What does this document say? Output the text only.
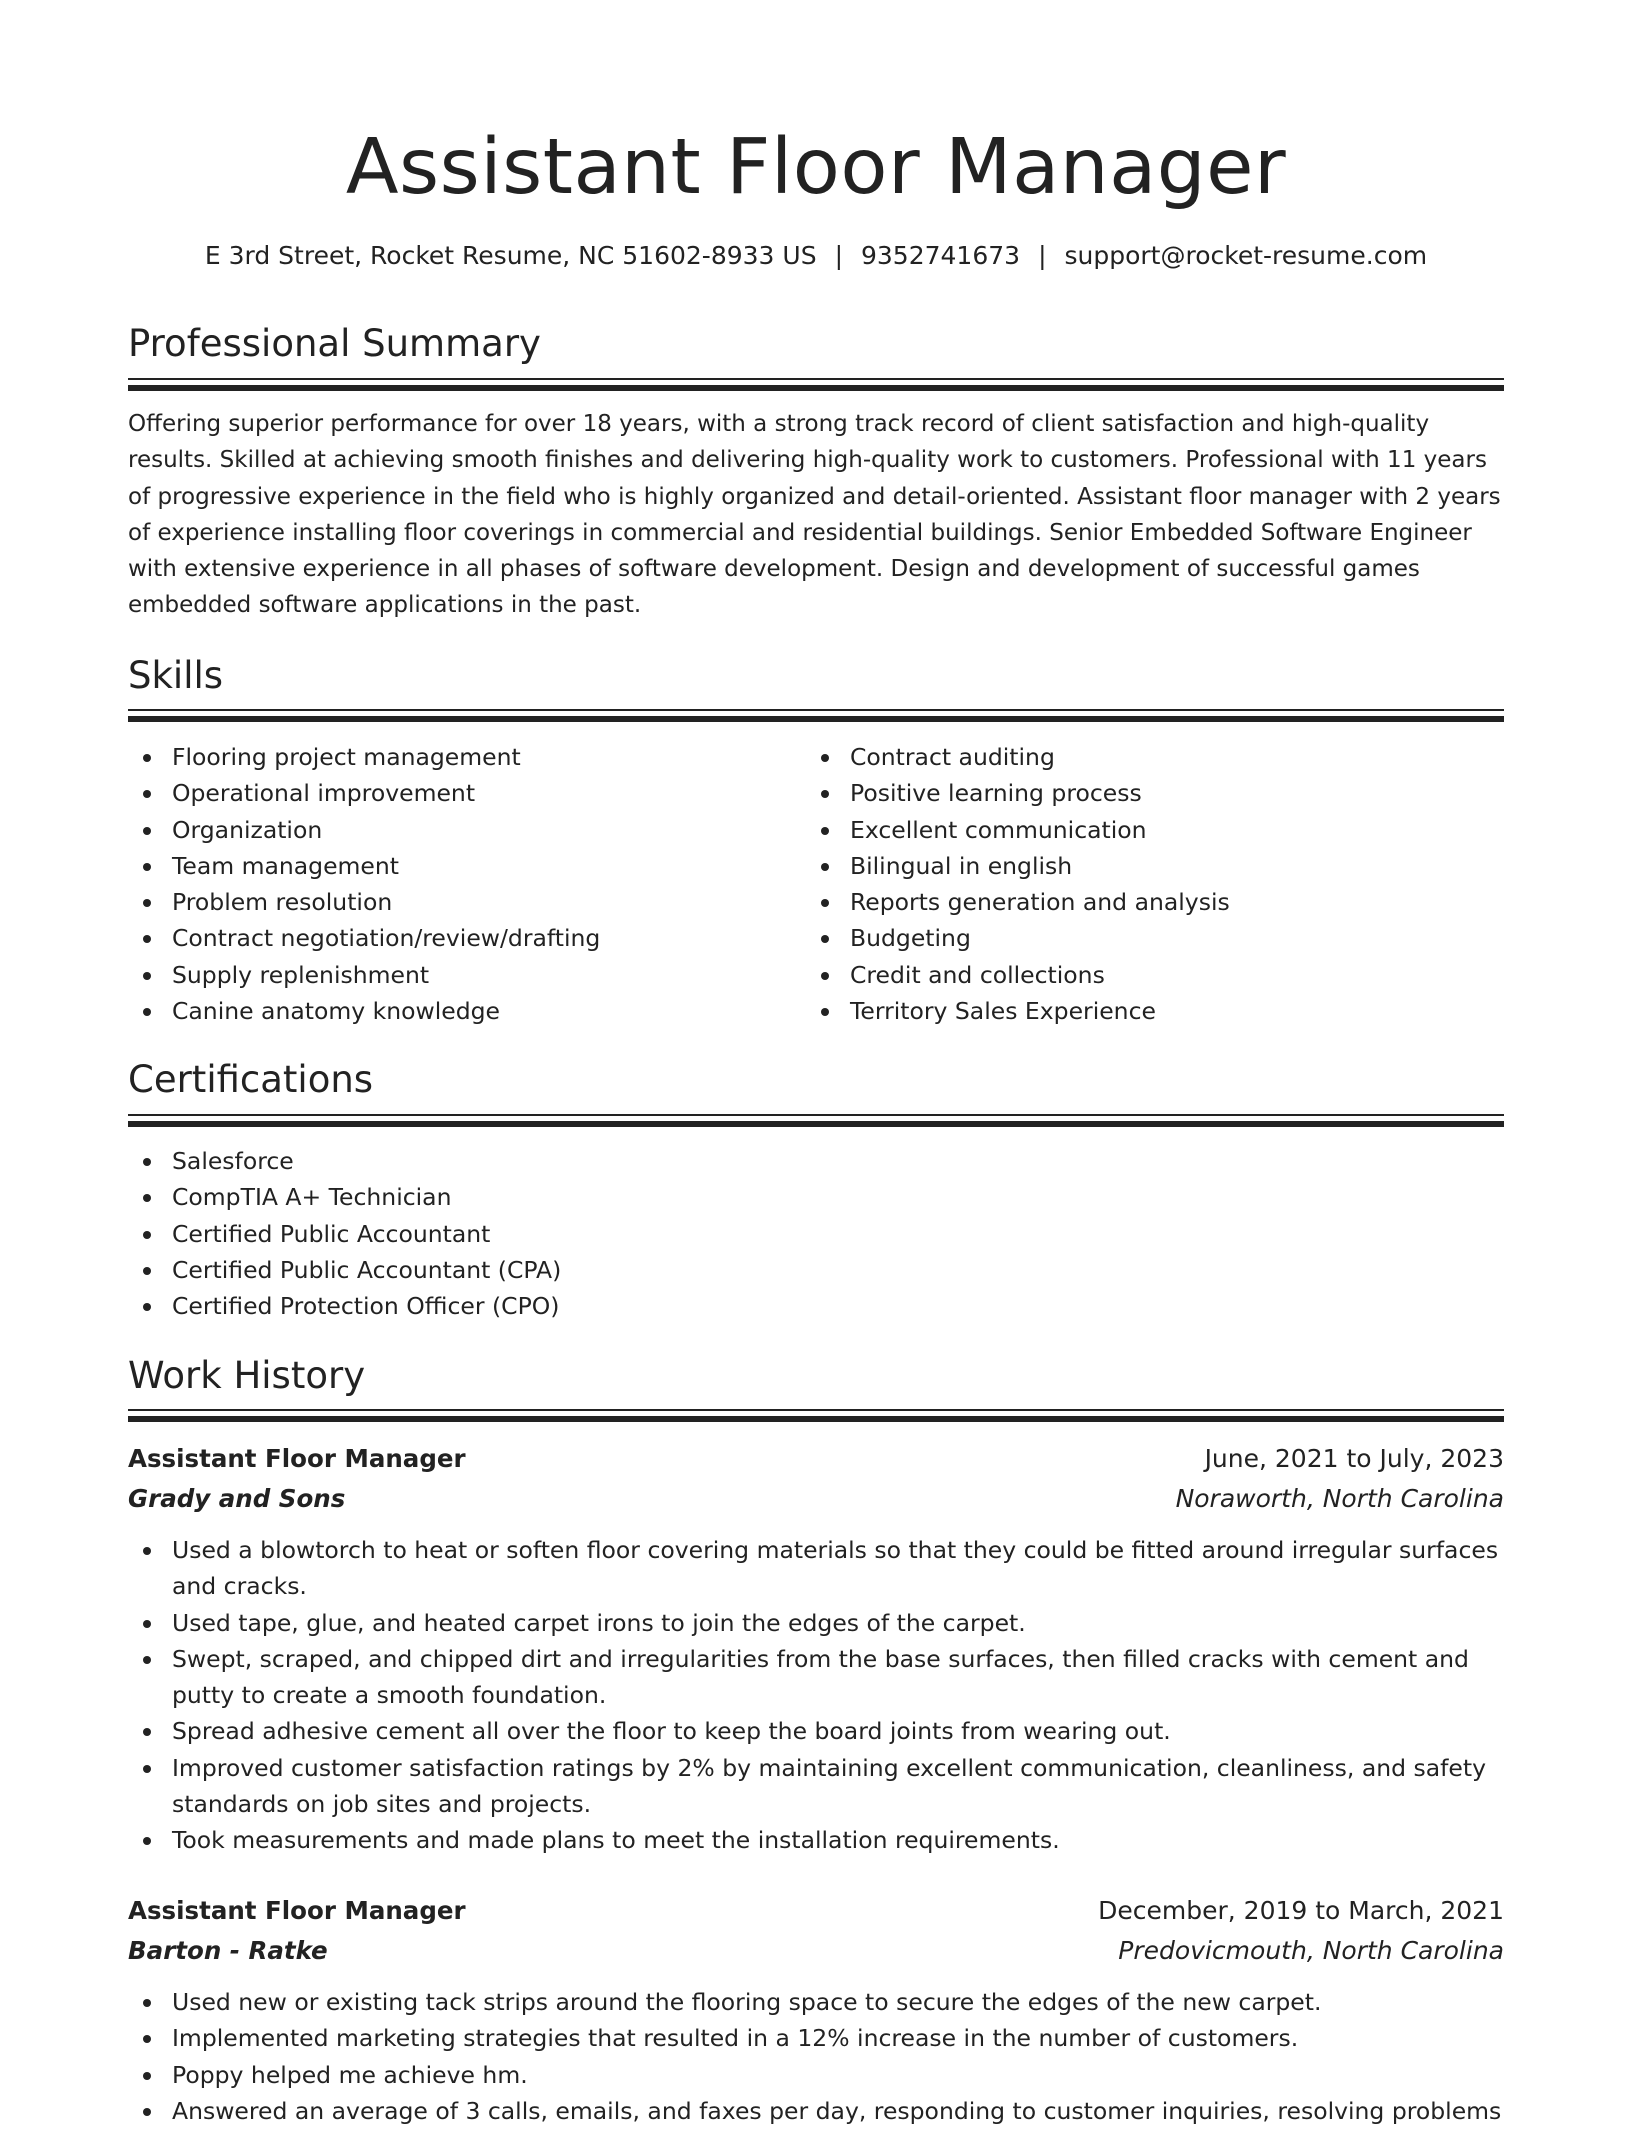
Assistant Floor Manager
E 3rd Street, Rocket Resume, NC 51602-8933 US | 9352741673 | support@rocket-resume.com
Professional Summary

Offering superior performance for over 18 years, with a strong track record of client satisfaction and high-quality results. Skilled at achieving smooth finishes and delivering high-quality work to customers. Professional with 11 years of progressive experience in the field who is highly organized and detail-oriented. Assistant floor manager with 2 years of experience installing floor coverings in commercial and residential buildings. Senior Embedded Software Engineer with extensive experience in all phases of software development. Design and development of successful games embedded software applications in the past.

Skills
Flooring project management
Operational improvement
Organization
Team management
Problem resolution
Contract negotiation/review/drafting
Supply replenishment
Canine anatomy knowledge
Contract auditing
Positive learning process
Excellent communication
Bilingual in english
Reports generation and analysis
Budgeting
Credit and collections
Territory Sales Experience
Certifications
Salesforce
CompTIA A+ Technician
Certified Public Accountant
Certified Public Accountant (CPA)
Certified Protection Officer (CPO)
Work History
Assistant Floor Manager	June, 2021 to July, 2023
Grady and Sons	Noraworth, North Carolina
Used a blowtorch to heat or soften floor covering materials so that they could be fitted around irregular surfaces and cracks.
Used tape, glue, and heated carpet irons to join the edges of the carpet.
Swept, scraped, and chipped dirt and irregularities from the base surfaces, then filled cracks with cement and putty to create a smooth foundation.
Spread adhesive cement all over the floor to keep the board joints from wearing out.
Improved customer satisfaction ratings by 2% by maintaining excellent communication, cleanliness, and safety standards on job sites and projects.
Took measurements and made plans to meet the installation requirements.
Assistant Floor Manager	December, 2019 to March, 2021
Barton - Ratke	Predovicmouth, North Carolina
Used new or existing tack strips around the flooring space to secure the edges of the new carpet.
Implemented marketing strategies that resulted in a 12% increase in the number of customers.
Poppy helped me achieve hm.
Answered an average of 3 calls, emails, and faxes per day, responding to customer inquiries, resolving problems
